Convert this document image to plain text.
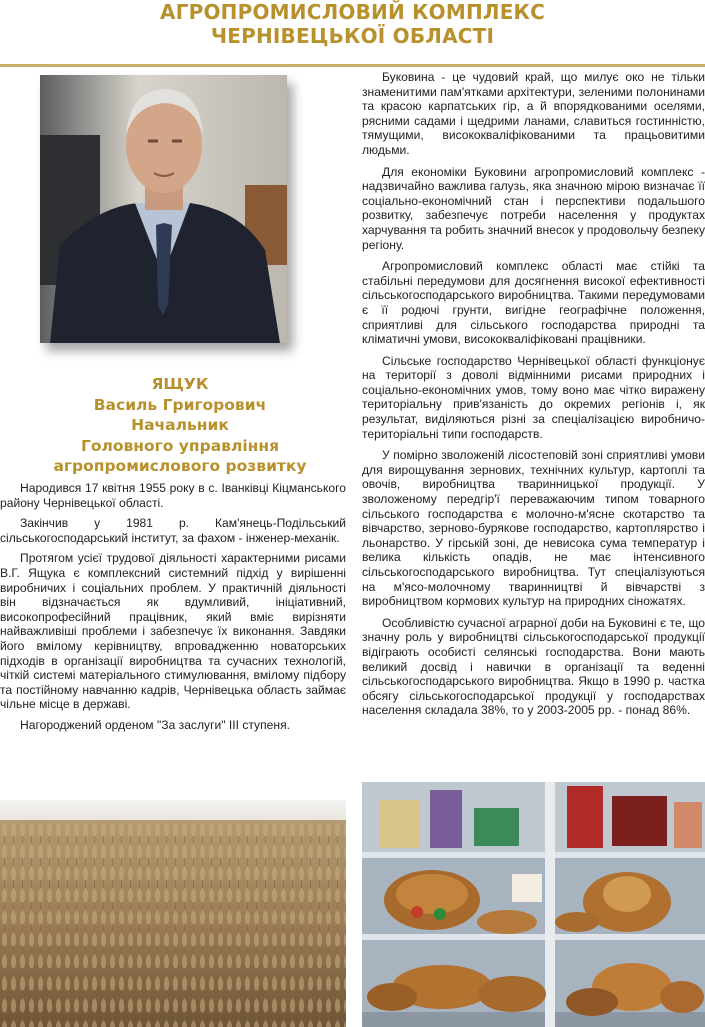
АГРОПРОМИСЛОВИЙ КОМПЛЕКС
ЧЕРНІВЕЦЬКОЇ ОБЛАСТІ
ЯЩУК
Василь Григорович
Начальник
Головного управління
агропромислового розвитку

Народився 17 квітня 1955 року в с. Іванківці Кіцманського району Чернівецької області.

Закінчив у 1981 р. Кам'янець-Подільський сільськогосподарський інститут, за фахом - інженер-механік.

Протягом усієї трудової діяльності характерними рисами В.Г. Ящука є комплексний системний підхід у вирішенні виробничих і соціальних проблем. У практичній діяльності він відзначається як вдумливий, ініціативний, високопрофесійний працівник, який вміє вирізняти найважливіші проблеми і забезпечує їх виконання. Завдяки його вмілому керівництву, впровадженню новаторських підходів в організації виробництва та сучасних технологій, чіткій системі матеріального стимулювання, вмілому підбору та постійному навчанню кадрів, Чернівецька область займає чільне місце в державі.

Нагороджений орденом "За заслуги" ІІІ ступеня.

Буковина - це чудовий край, що милує око не тільки знаменитими пам'ятками архітектури, зеленими полонинами та красою карпатських гір, а й впорядкованими оселями, рясними садами і щедрими ланами, славиться гостинністю, тямущими, висококваліфікованими та працьовитими людьми.

Для економіки Буковини агропромисловий комплекс - надзвичайно важлива галузь, яка значною мірою визначає її соціально-економічний стан і перспективи подальшого розвитку, забезпечує потреби населення у продуктах харчування та робить значний внесок у продовольчу безпеку регіону.

Агропромисловий комплекс області має стійкі та стабільні передумови для досягнення високої ефективності сільськогосподарського виробництва. Такими передумовами є її родючі грунти, вигідне географічне положення, сприятливі для сільського господарства природні та кліматичні умови, висококваліфіковані працівники.

Сільське господарство Чернівецької області функціонує на території з доволі відмінними рисами природних і соціально-економічних умов, тому воно має чітко виражену територіальну прив'язаність до окремих регіонів і, як результат, виділяються різні за спеціалізацією виробничо-територіальні типи господарств.

У помірно зволоженій лісостеповій зоні сприятливі умови для вирощування зернових, технічних культур, картоплі та овочів, виробництва тваринницької продукції. У зволоженому передгір'ї переважаючим типом товарного сільського господарства є молочно-м'ясне скотарство та вівчарство, зерново-бурякове господарство, картоплярство і льонарство. У гірській зоні, де невисока сума температур і велика кількість опадів, не має інтенсивного сільськогосподарського виробництва. Тут спеціалізуються на м'ясо-молочному тваринництві й вівчарстві з виробництвом кормових культур на природних сіножатях.

Особливістю сучасної аграрної доби на Буковині є те, що значну роль у виробництві сільськогосподарської продукції відіграють особисті селянські господарства. Вони мають великий досвід і навички в організації та веденні сільськогосподарського виробництва. Якщо в 1990 р. частка обсягу сільськогосподарської продукції у господарствах населення складала 38%, то у 2003-2005 рр. - понад 86%.
